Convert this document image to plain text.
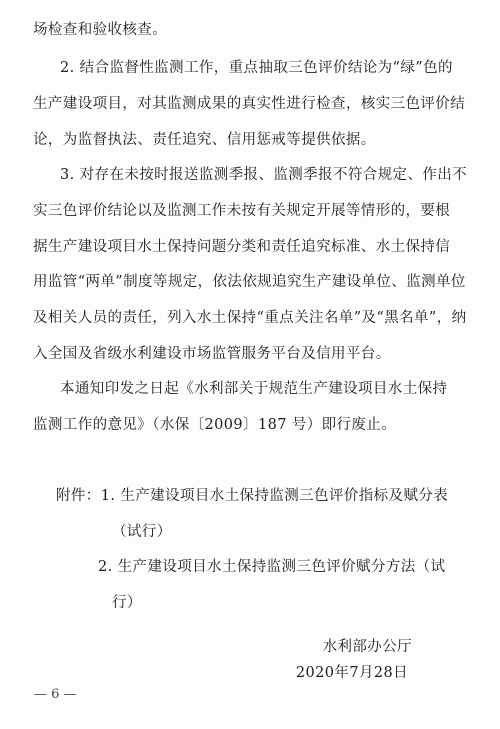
场检查和验收核查。
2. 结合监督性监测工作，重点抽取三色评价结论为“绿”色的
生产建设项目，对其监测成果的真实性进行检查，核实三色评价结
论，为监督执法、责任追究、信用惩戒等提供依据。
3. 对存在未按时报送监测季报、监测季报不符合规定、作出不
实三色评价结论以及监测工作未按有关规定开展等情形的，要根
据生产建设项目水土保持问题分类和责任追究标准、水土保持信
用监管“两单”制度等规定，依法依规追究生产建设单位、监测单位
及相关人员的责任，列入水土保持“重点关注名单”及“黑名单”，纳
入全国及省级水利建设市场监管服务平台及信用平台。
本通知印发之日起《水利部关于规范生产建设项目水土保持
监测工作的意见》（水保〔2009〕187 号）即行废止。
附件：1. 生产建设项目水土保持监测三色评价指标及赋分表
（试行）
2. 生产建设项目水土保持监测三色评价赋分方法（试
行）
水利部办公厅
2020年7月28日
— 6 —
